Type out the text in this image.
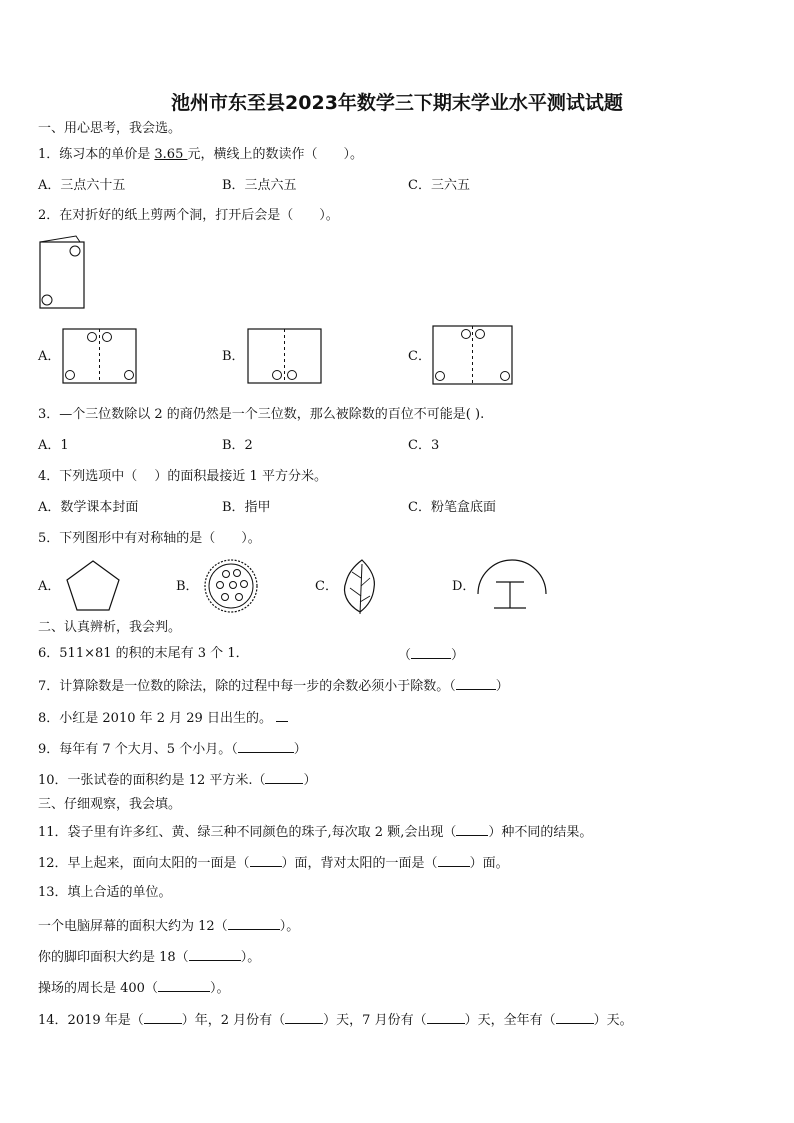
池州市东至县2023年数学三下期末学业水平测试试题
一、用心思考，我会选。
1．练习本的单价是 3.65 元，横线上的数读作（　　）。
A．三点六十五	B．三点六五	C．三六五
2．在对折好的纸上剪两个洞，打开后会是（　　）。
A．	B．	C．
3．—个三位数除以 2 的商仍然是一个三位数，那么被除数的百位不可能是( ).
A．1	B．2	C．3
4．下列选项中（　 ）的面积最接近 1 平方分米。
A．数学课本封面	B．指甲	C．粉笔盒底面
5．下列图形中有对称轴的是（　　）。
A．	B．	C．	D．
二、认真辨析，我会判。
6．511×81 的积的末尾有 3 个 1．	（	）
7．计算除数是一位数的除法，除的过程中每一步的余数必须小于除数。（	）
8．小红是 2010 年 2 月 29 日出生的。
9．每年有 7 个大月、5 个小月。（	）
10．一张试卷的面积约是 12 平方米.（	）
三、仔细观察，我会填。
11．袋子里有许多红、黄、绿三种不同颜色的珠子,每次取 2 颗,会出现（ ）种不同的结果。
12．早上起来，面向太阳的一面是（ ）面，背对太阳的一面是（ ）面。
13．填上合适的单位。
一个电脑屏幕的面积大约为 12（	）。
你的脚印面积大约是 18（	）。
操场的周长是 400（	）。
14．2019 年是（	）年，2 月份有（	）天，7 月份有（	）天，全年有（	）天。
